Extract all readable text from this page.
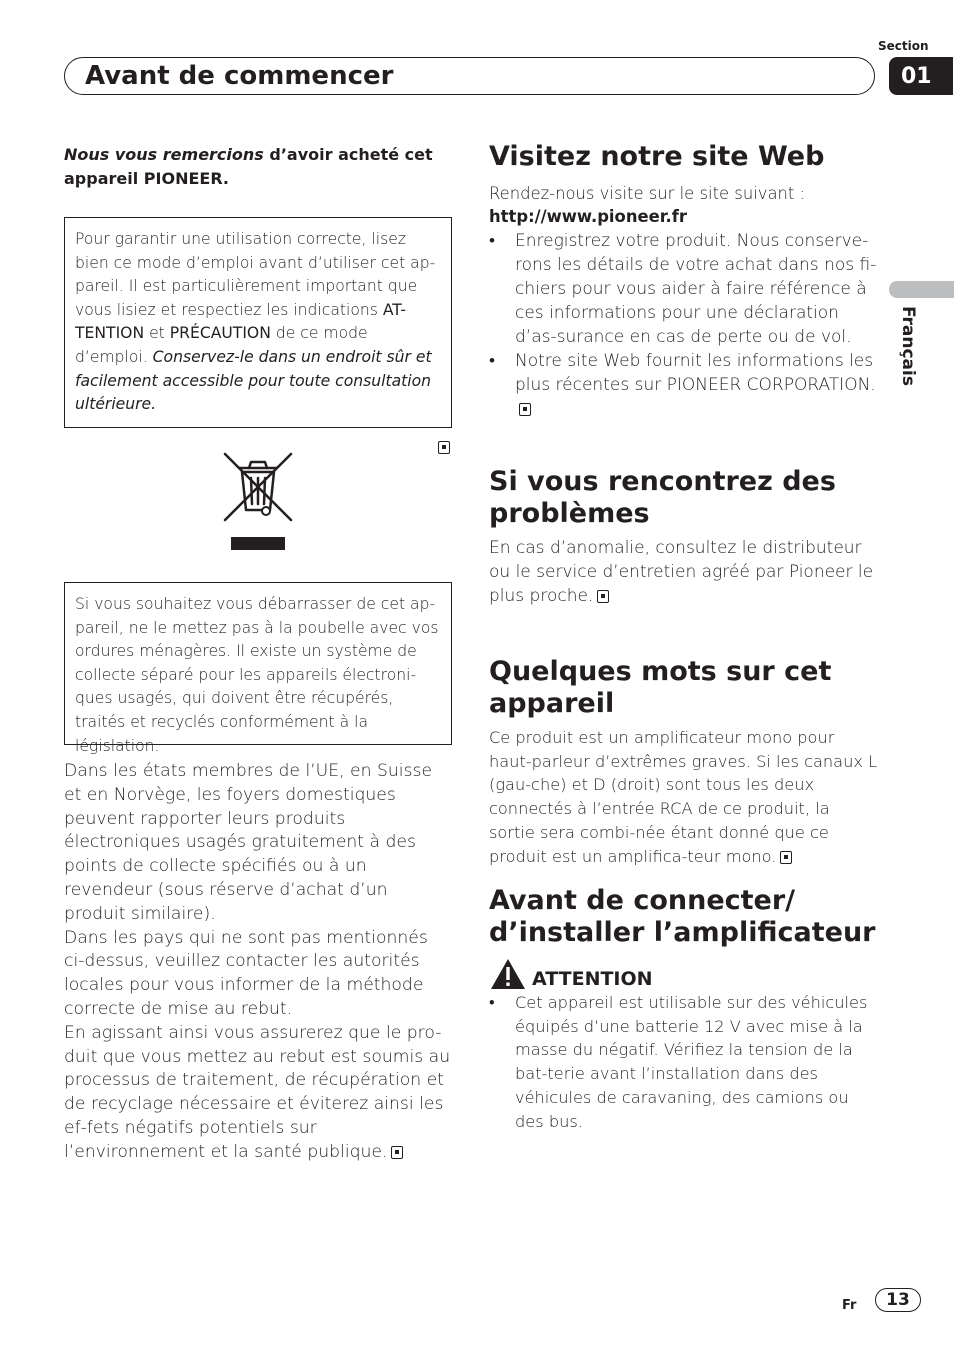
Section
01
Avant de commencer
Français
Nous vous remercions d’avoir acheté cet appareil PIONEER.
Pour garantir une utilisation correcte, lisez bien ce mode d’emploi avant d’utiliser cet ap-pareil. Il est particulièrement important que vous lisiez et respectiez les indications AT-TENTION et PRÉCAUTION de ce mode d’emploi. Conservez-le dans un endroit sûr et facilement accessible pour toute consultation ultérieure.
Si vous souhaitez vous débarrasser de cet ap-pareil, ne le mettez pas à la poubelle avec vos ordures ménagères. Il existe un système de collecte séparé pour les appareils électroni-ques usagés, qui doivent être récupérés, traités et recyclés conformément à la législation.

Dans les états membres de l’UE, en Suisse et en Norvège, les foyers domestiques peuvent rapporter leurs produits électroniques usagés gratuitement à des points de collecte spécifiés ou à un revendeur (sous réserve d’achat d’un produit similaire).

Dans les pays qui ne sont pas mentionnés ci-dessus, veuillez contacter les autorités locales pour vous informer de la méthode correcte de mise au rebut.

En agissant ainsi vous assurerez que le pro-duit que vous mettez au rebut est soumis au processus de traitement, de récupération et de recyclage nécessaire et éviterez ainsi les ef-fets négatifs potentiels sur l’environnement et la santé publique.

Visitez notre site Web
Rendez-nous visite sur le site suivant :
http://www.pioneer.fr
• Enregistrez votre produit. Nous conserve-rons les détails de votre achat dans nos fi-chiers pour vous aider à faire référence à ces informations pour une déclaration d’as-surance en cas de perte ou de vol.
• Notre site Web fournit les informations les plus récentes sur PIONEER CORPORATION.
Si vous rencontrez des problèmes
En cas d’anomalie, consultez le distributeur ou le service d’entretien agréé par Pioneer le plus proche.
Quelques mots sur cet appareil
Ce produit est un amplificateur mono pour haut-parleur d’extrêmes graves. Si les canaux L (gau-che) et D (droit) sont tous les deux connectés à l’entrée RCA de ce produit, la sortie sera combi-née étant donné que ce produit est un amplifica-teur mono.
Avant de connecter/ d’installer l’amplificateur
ATTENTION
• Cet appareil est utilisable sur des véhicules équipés d’une batterie 12 V avec mise à la masse du négatif. Vérifiez la tension de la bat-terie avant l’installation dans des véhicules de caravaning, des camions ou des bus.
Fr	13
